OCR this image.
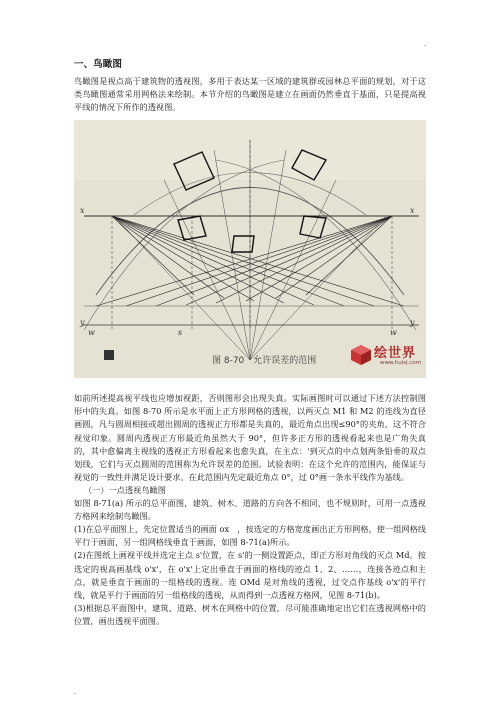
.
一、鸟瞰图

鸟瞰图是视点高于建筑物的透视图，多用于表达某一区域的建筑群或园林总平面的规划，对于这类鸟瞰图通常采用网格法来绘制。本节介绍的鸟瞰图是建立在画面仍然垂直于基面，只是提高视平线的情况下所作的透视图。

x	x
y	y
s
w	w
图 8-70　允许误差的范围	绘世界
www.huisj.com

如前所述提高视平线也应增加视距，否则图形会出现失真。实际画图时可以通过下述方法控制图形中的失真。如图 8-70 所示是水平面上正方形网格的透视，以两灭点 M1 和 M2 的连线为直径画圆，凡与圆周相接或超出圆周的透视正方形都是失真的，最近角点出现≤90°的夹角，这不符合视觉印象。圆周内透视正方形最近角虽然大于 90°，但许多正方形的透视看起来也是广角失真的，其中愈偏离主视线的透视正方形看起来也愈失真，在主点：'到灭点的中点划两条铅垂的双点划线，它们与灭点圆周的范围称为允许误差的范围。试验表明：在这个允许的范围内，能保证与视觉的一致性并满足设计要求。在此范围内先定最近角点 0°，过 0°画一条水平线作为基线。

（一）一点透视鸟瞰图

如图 8-71(a) 所示的总平面图，建筑、树木、道路的方向各不相同，也不规则时，可用一点透视方格网来绘制鸟瞰图。

(1)在总平面图上，先定位置适当的画面 ox　，按选定的方格宽度画出正方形网格，使一组网格线平行于画面，另一组网格线垂直于画面，如图 8-71(a)所示。

(2)在图纸上画视平线并选定主点 s'位置，在 s'的一侧设置距点，即正方形对角线的灭点 Md。按选定的视高画基线 o'x'，在 o'x'上定出垂直于画面的格线的迹点 1、2、……，连接各迹点和主点，就是垂直于画面的一组格线的透视。连 OMd 是对角线的透视，过交点作基线 o'x'的平行线，就是平行于画面的另一组格线的透视，从而得到一点透视方格网，见图 8-71(b)。

(3)根据总平面图中，建筑、道路、树木在网格中的位置，尽可能准确地定出它们在透视网格中的位置，画出透视平面图。

.
